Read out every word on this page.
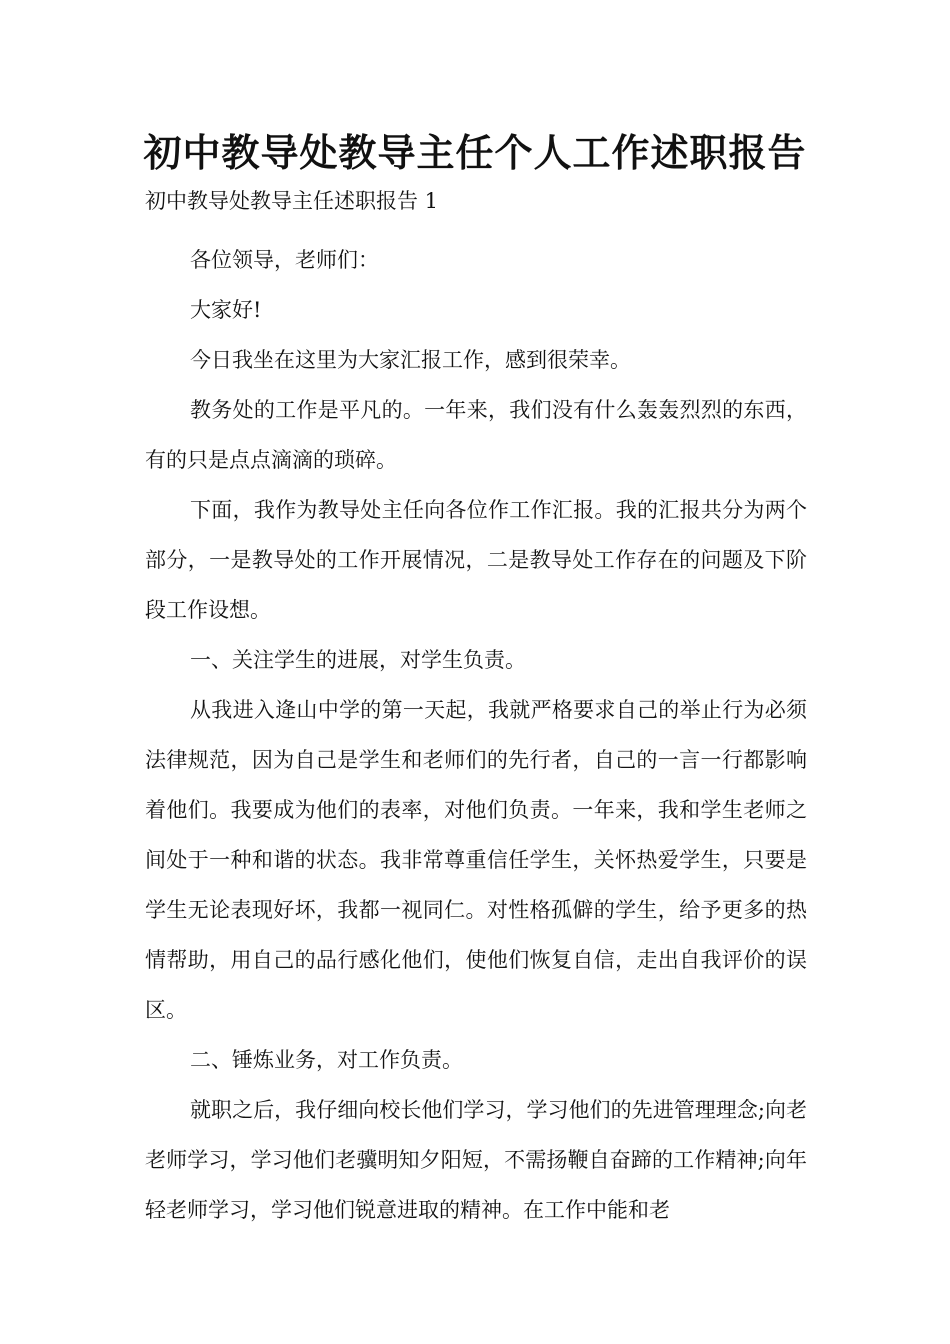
初中教导处教导主任个人工作述职报告

初中教导处教导主任述职报告 1

各位领导，老师们：

大家好!

今日我坐在这里为大家汇报工作，感到很荣幸。

教务处的工作是平凡的。一年来，我们没有什么轰轰烈烈的东西，有的只是点点滴滴的琐碎。

下面，我作为教导处主任向各位作工作汇报。我的汇报共分为两个部分，一是教导处的工作开展情况，二是教导处工作存在的问题及下阶段工作设想。

一、关注学生的进展，对学生负责。

从我进入逄山中学的第一天起，我就严格要求自己的举止行为必须法律规范，因为自己是学生和老师们的先行者，自己的一言一行都影响着他们。我要成为他们的表率，对他们负责。一年来，我和学生老师之间处于一种和谐的状态。我非常尊重信任学生，关怀热爱学生，只要是学生无论表现好坏，我都一视同仁。对性格孤僻的学生，给予更多的热情帮助，用自己的品行感化他们，使他们恢复自信，走出自我评价的误区。

二、锤炼业务，对工作负责。

就职之后，我仔细向校长他们学习，学习他们的先进管理理念;向老老师学习，学习他们老骥明知夕阳短，不需扬鞭自奋蹄的工作精神;向年轻老师学习，学习他们锐意进取的精神。在工作中能和老
